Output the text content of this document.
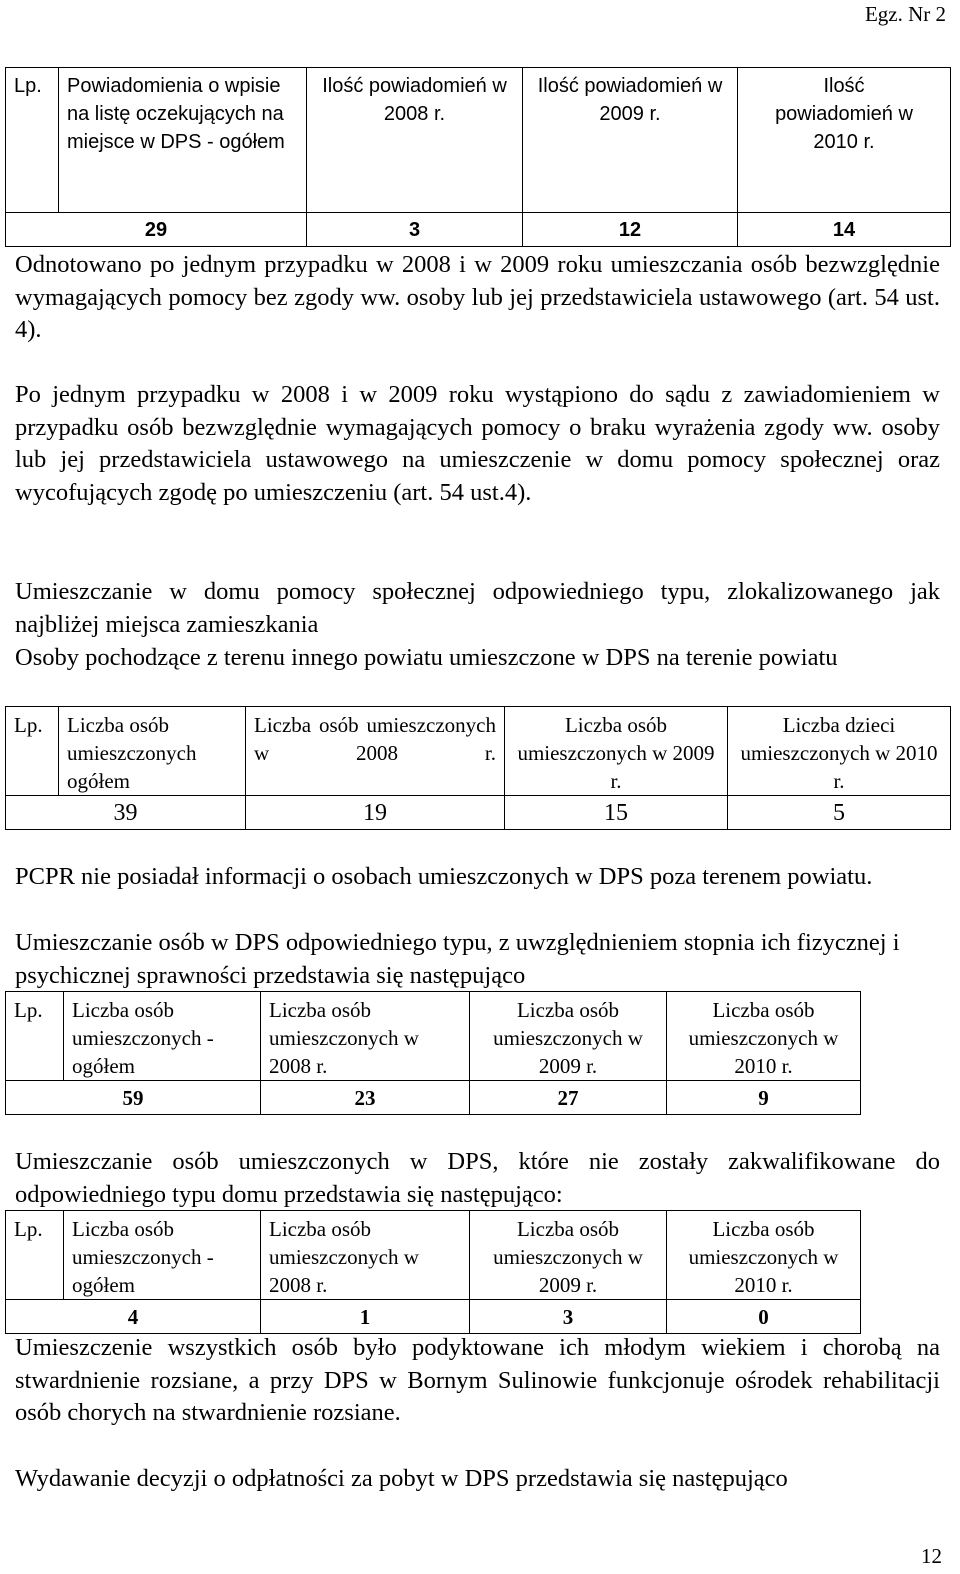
Egz. Nr 2
Lp.	Powiadomienia o wpisie na listę oczekujących na miejsce w DPS - ogółem	Ilość powiadomień w 2008 r.	Ilość powiadomień w 2009 r.	Ilość powiadomień w 2010 r.

29		3	12	14

Odnotowano po jednym przypadku w 2008 i w 2009 roku umieszczania osób bezwzględnie wymagających pomocy bez zgody ww. osoby lub jej przedstawiciela ustawowego (art. 54 ust. 4).

Po jednym przypadku w 2008 i w 2009 roku wystąpiono do sądu z zawiadomieniem w przypadku osób bezwzględnie wymagających pomocy o braku wyrażenia zgody ww. osoby lub jej przedstawiciela ustawowego na umieszczenie w domu pomocy społecznej oraz wycofujących zgodę po umieszczeniu (art. 54 ust.4).

Umieszczanie w domu pomocy społecznej odpowiedniego typu, zlokalizowanego jak najbliżej miejsca zamieszkania

Osoby pochodzące z terenu innego powiatu umieszczone w DPS na terenie powiatu

Lp.	Liczba osób umieszczonych ogółem	Liczba osób umieszczonych w 2008 r.	Liczba osób umieszczonych w 2009 r.	Liczba dzieci umieszczonych w 2010 r.

39		19	15	5

PCPR nie posiadał informacji o osobach umieszczonych w DPS poza terenem powiatu.

Umieszczanie osób w DPS odpowiedniego typu, z uwzględnieniem stopnia ich fizycznej i psychicznej sprawności przedstawia się następująco

Lp.	Liczba osób umieszczonych - ogółem	Liczba osób umieszczonych w 2008 r.	Liczba osób umieszczonych w 2009 r.	Liczba osób umieszczonych w 2010 r.

59		23	27	9

Umieszczanie osób umieszczonych w DPS, które nie zostały zakwalifikowane do odpowiedniego typu domu przedstawia się następująco:

Lp.	Liczba osób umieszczonych - ogółem	Liczba osób umieszczonych w 2008 r.	Liczba osób umieszczonych w 2009 r.	Liczba osób umieszczonych w 2010 r.

4		1	3	0

Umieszczenie wszystkich osób było podyktowane ich młodym wiekiem i chorobą na stwardnienie rozsiane, a przy DPS w Bornym Sulinowie funkcjonuje ośrodek rehabilitacji osób chorych na stwardnienie rozsiane.

Wydawanie decyzji o odpłatności za pobyt w DPS przedstawia się następująco

12
